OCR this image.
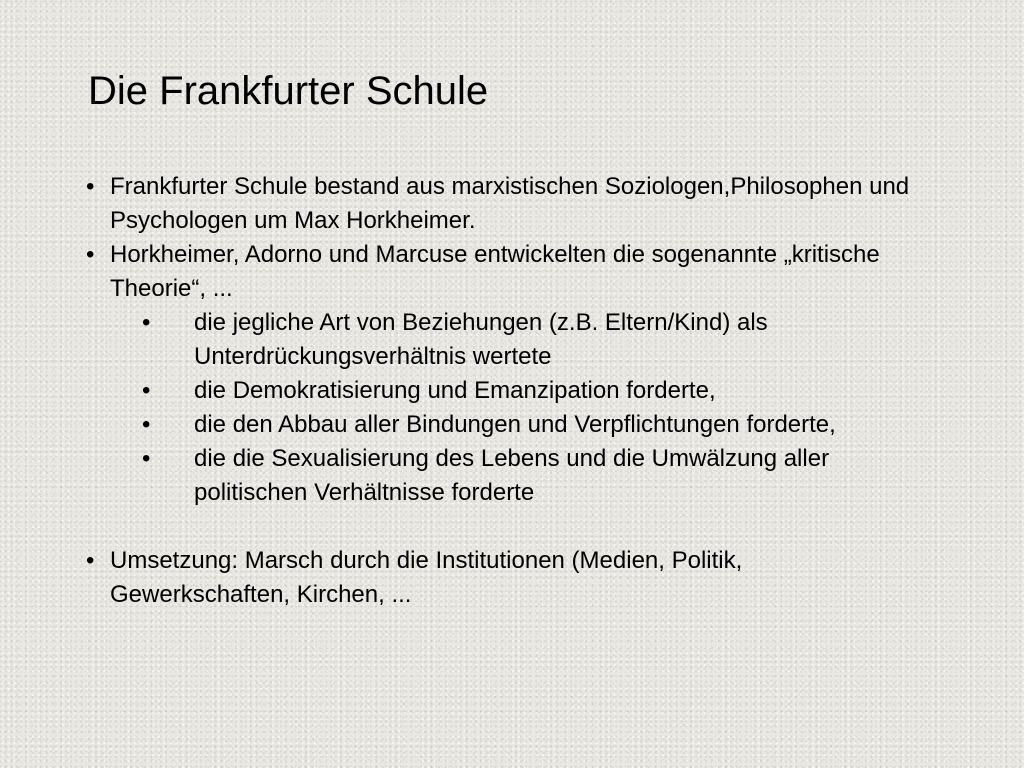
Die Frankfurter Schule
• Frankfurter Schule bestand aus marxistischen Soziologen,Philosophen und Psychologen um Max Horkheimer.
• Horkheimer, Adorno und Marcuse entwickelten die sogenannte „kritische Theorie“, ...
• die jegliche Art von Beziehungen (z.B. Eltern/Kind) als Unterdrückungsverhältnis wertete
• die Demokratisierung und Emanzipation forderte,
• die den Abbau aller Bindungen und Verpflichtungen forderte,
• die die Sexualisierung des Lebens und die Umwälzung aller politischen Verhältnisse forderte
• Umsetzung: Marsch durch die Institutionen (Medien, Politik, Gewerkschaften, Kirchen, ...
